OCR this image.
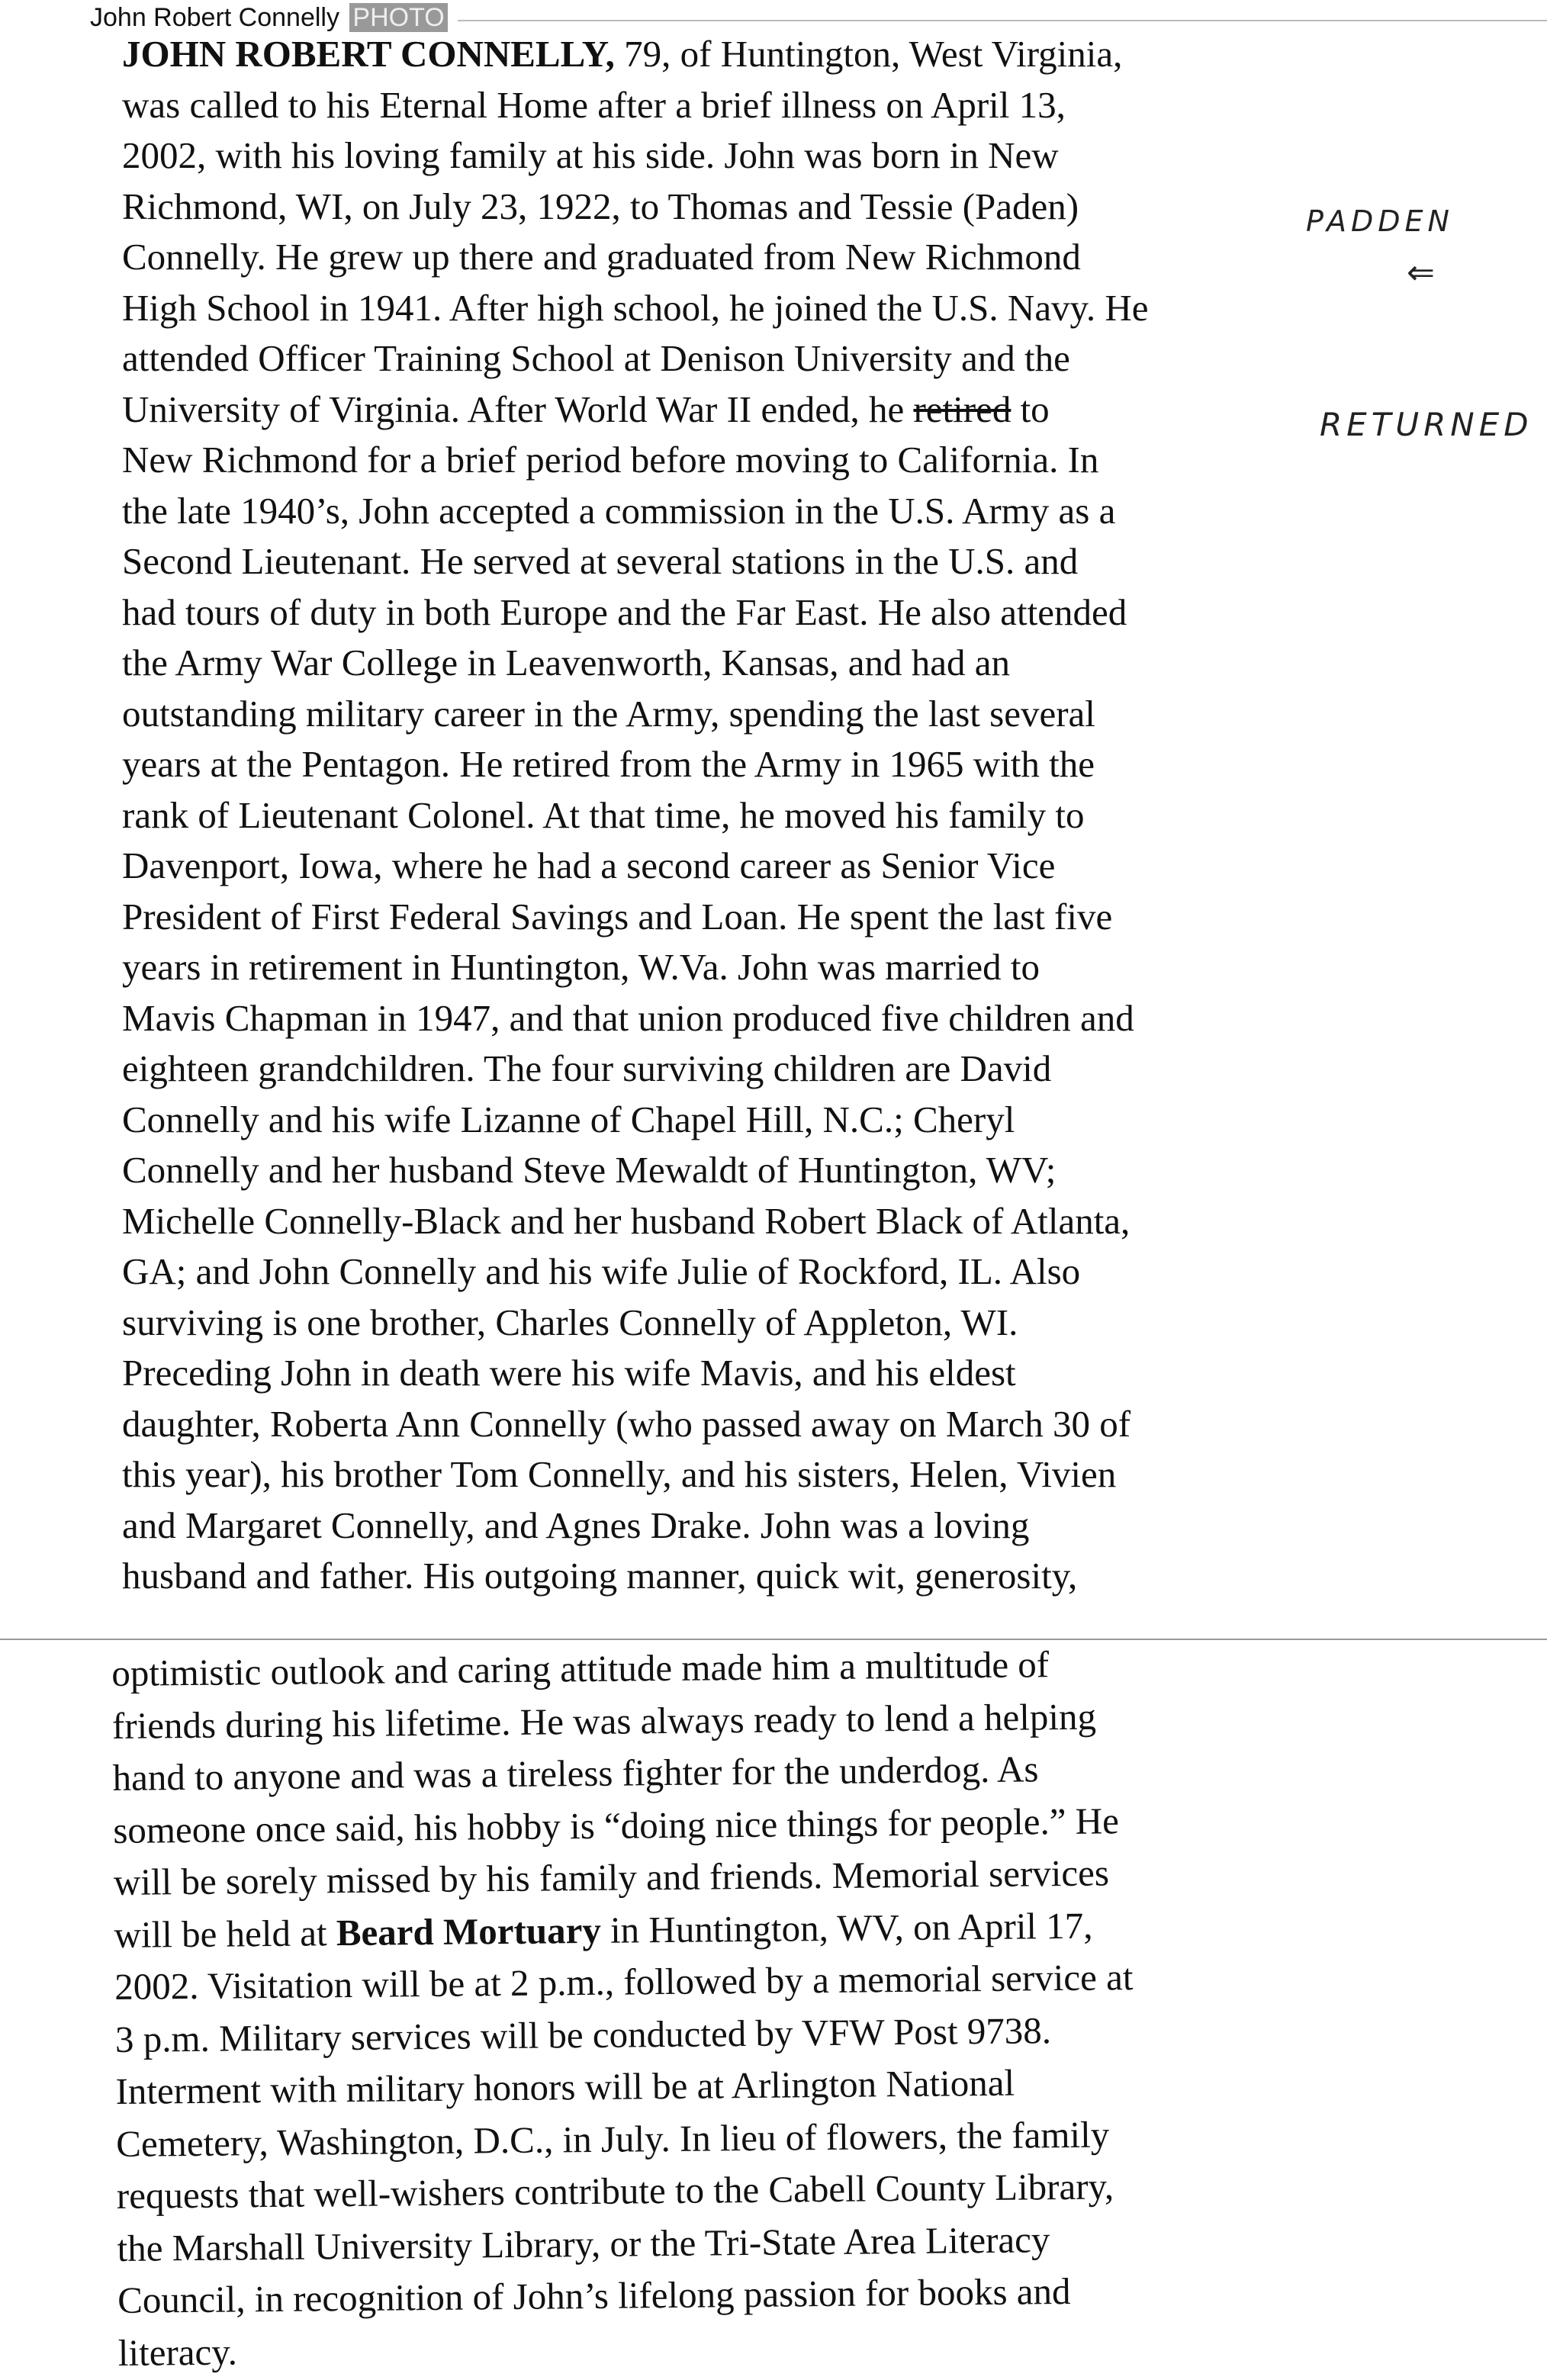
John Robert Connelly PHOTO
JOHN ROBERT CONNELLY, 79, of Huntington, West Virginia,
was called to his Eternal Home after a brief illness on April 13,
2002, with his loving family at his side. John was born in New
Richmond, WI, on July 23, 1922, to Thomas and Tessie (Paden)
Connelly. He grew up there and graduated from New Richmond
High School in 1941. After high school, he joined the U.S. Navy. He
attended Officer Training School at Denison University and the
University of Virginia. After World War II ended, he retired to
New Richmond for a brief period before moving to California. In
the late 1940’s, John accepted a commission in the U.S. Army as a
Second Lieutenant. He served at several stations in the U.S. and
had tours of duty in both Europe and the Far East. He also attended
the Army War College in Leavenworth, Kansas, and had an
outstanding military career in the Army, spending the last several
years at the Pentagon. He retired from the Army in 1965 with the
rank of Lieutenant Colonel. At that time, he moved his family to
Davenport, Iowa, where he had a second career as Senior Vice
President of First Federal Savings and Loan. He spent the last five
years in retirement in Huntington, W.Va. John was married to
Mavis Chapman in 1947, and that union produced five children and
eighteen grandchildren. The four surviving children are David
Connelly and his wife Lizanne of Chapel Hill, N.C.; Cheryl
Connelly and her husband Steve Mewaldt of Huntington, WV;
Michelle Connelly-Black and her husband Robert Black of Atlanta,
GA; and John Connelly and his wife Julie of Rockford, IL. Also
surviving is one brother, Charles Connelly of Appleton, WI.
Preceding John in death were his wife Mavis, and his eldest
daughter, Roberta Ann Connelly (who passed away on March 30 of
this year), his brother Tom Connelly, and his sisters, Helen, Vivien
and Margaret Connelly, and Agnes Drake. John was a loving
husband and father. His outgoing manner, quick wit, generosity,
PADDEN
⇐
RETURNED
optimistic outlook and caring attitude made him a multitude of
friends during his lifetime. He was always ready to lend a helping
hand to anyone and was a tireless fighter for the underdog. As
someone once said, his hobby is “doing nice things for people.” He
will be sorely missed by his family and friends. Memorial services
will be held at Beard Mortuary in Huntington, WV, on April 17,
2002. Visitation will be at 2 p.m., followed by a memorial service at
3 p.m. Military services will be conducted by VFW Post 9738.
Interment with military honors will be at Arlington National
Cemetery, Washington, D.C., in July. In lieu of flowers, the family
requests that well-wishers contribute to the Cabell County Library,
the Marshall University Library, or the Tri-State Area Literacy
Council, in recognition of John’s lifelong passion for books and
literacy.
